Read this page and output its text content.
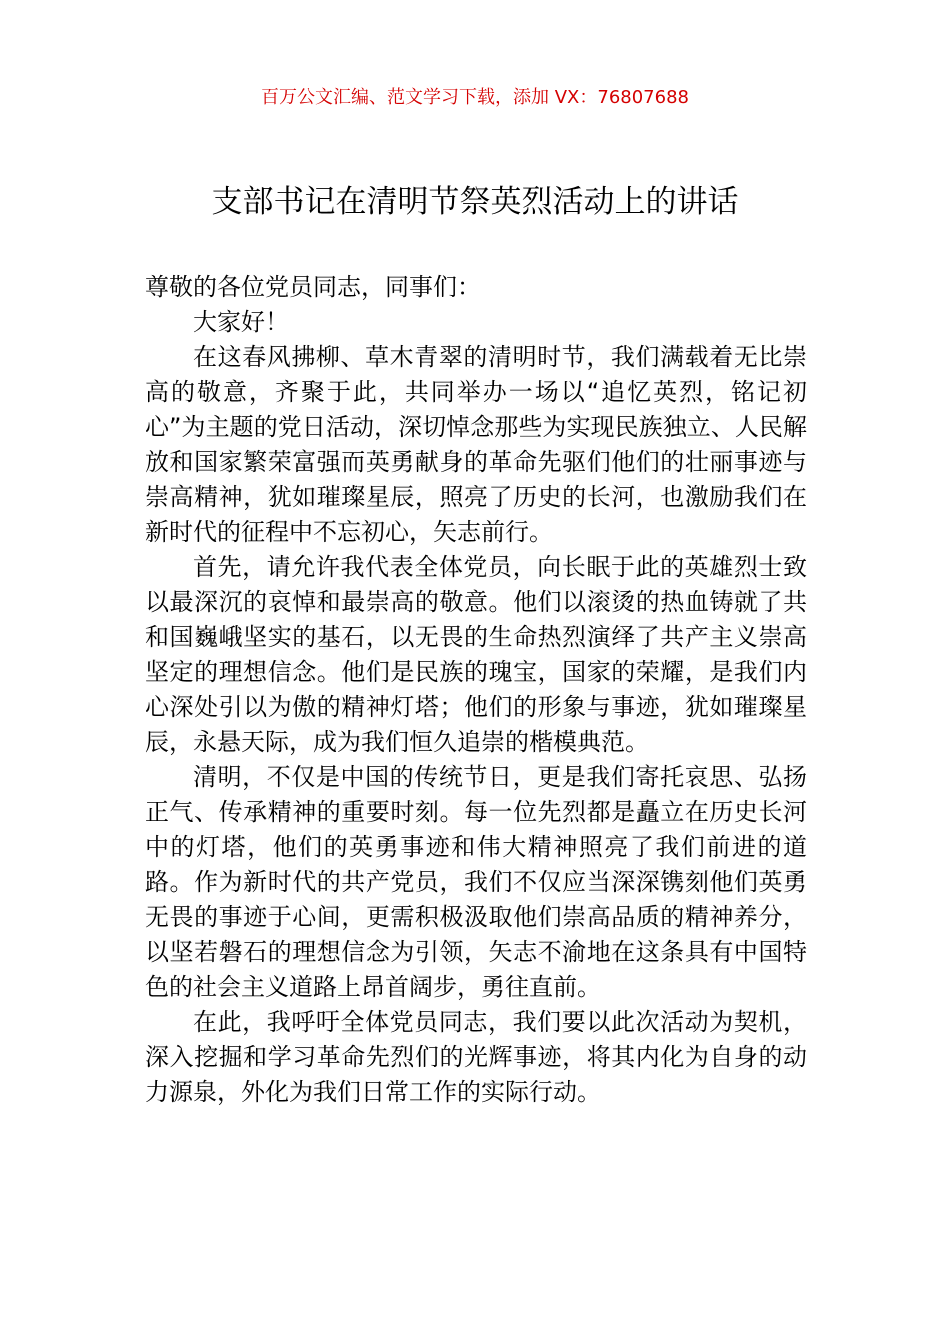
百万公文汇编、范文学习下载，添加 VX：76807688
支部书记在清明节祭英烈活动上的讲话

尊敬的各位党员同志，同事们：

大家好！

在这春风拂柳、草木青翠的清明时节，我们满载着无比崇高的敬意，齐聚于此，共同举办一场以“追忆英烈，铭记初心”为主题的党日活动，深切悼念那些为实现民族独立、人民解放和国家繁荣富强而英勇献身的革命先驱们他们的壮丽事迹与崇高精神，犹如璀璨星辰，照亮了历史的长河，也激励我们在新时代的征程中不忘初心，矢志前行。

首先，请允许我代表全体党员，向长眠于此的英雄烈士致以最深沉的哀悼和最崇高的敬意。他们以滚烫的热血铸就了共和国巍峨坚实的基石，以无畏的生命热烈演绎了共产主义崇高坚定的理想信念。他们是民族的瑰宝，国家的荣耀，是我们内心深处引以为傲的精神灯塔；他们的形象与事迹，犹如璀璨星辰，永悬天际，成为我们恒久追崇的楷模典范。

清明，不仅是中国的传统节日，更是我们寄托哀思、弘扬正气、传承精神的重要时刻。每一位先烈都是矗立在历史长河中的灯塔，他们的英勇事迹和伟大精神照亮了我们前进的道路。作为新时代的共产党员，我们不仅应当深深镌刻他们英勇无畏的事迹于心间，更需积极汲取他们崇高品质的精神养分，以坚若磐石的理想信念为引领，矢志不渝地在这条具有中国特色的社会主义道路上昂首阔步，勇往直前。

在此，我呼吁全体党员同志，我们要以此次活动为契机，深入挖掘和学习革命先烈们的光辉事迹，将其内化为自身的动力源泉，外化为我们日常工作的实际行动。
